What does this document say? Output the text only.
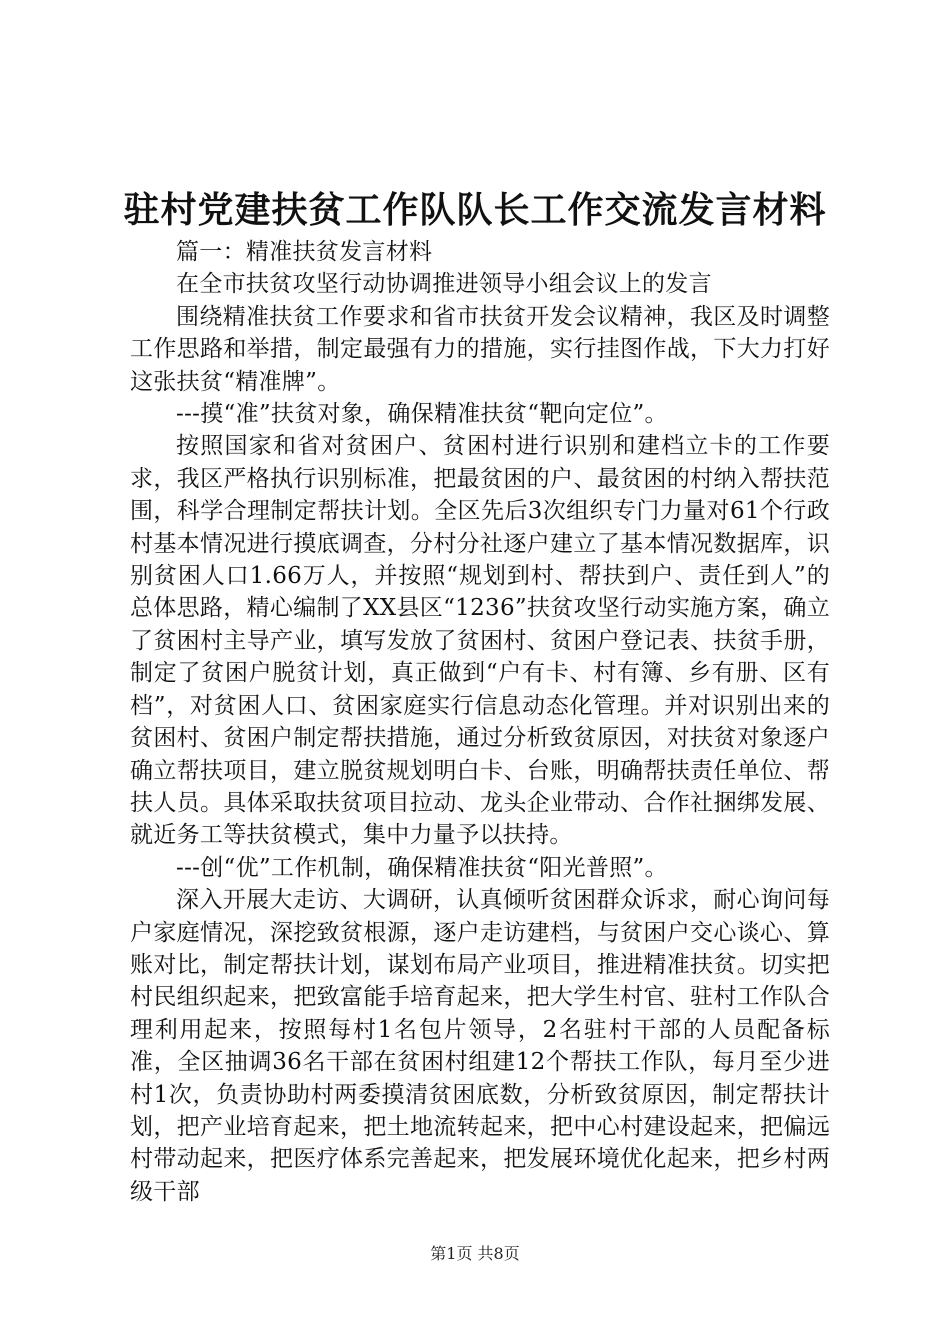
驻村党建扶贫工作队队长工作交流发言材料

篇一：精准扶贫发言材料

在全市扶贫攻坚行动协调推进领导小组会议上的发言

围绕精准扶贫工作要求和省市扶贫开发会议精神，我区及时调整工作思路和举措，制定最强有力的措施，实行挂图作战，下大力打好这张扶贫“精准牌”。

---摸“准”扶贫对象，确保精准扶贫“靶向定位”。

按照国家和省对贫困户、贫困村进行识别和建档立卡的工作要求，我区严格执行识别标准，把最贫困的户、最贫困的村纳入帮扶范围，科学合理制定帮扶计划。全区先后3次组织专门力量对61个行政村基本情况进行摸底调查，分村分社逐户建立了基本情况数据库，识别贫困人口1.66万人，并按照“规划到村、帮扶到户、责任到人”的总体思路，精心编制了XX县区“1236”扶贫攻坚行动实施方案，确立了贫困村主导产业，填写发放了贫困村、贫困户登记表、扶贫手册，制定了贫困户脱贫计划，真正做到“户有卡、村有簿、乡有册、区有档”，对贫困人口、贫困家庭实行信息动态化管理。并对识别出来的贫困村、贫困户制定帮扶措施，通过分析致贫原因，对扶贫对象逐户确立帮扶项目，建立脱贫规划明白卡、台账，明确帮扶责任单位、帮扶人员。具体采取扶贫项目拉动、龙头企业带动、合作社捆绑发展、就近务工等扶贫模式，集中力量予以扶持。

---创“优”工作机制，确保精准扶贫“阳光普照”。

深入开展大走访、大调研，认真倾听贫困群众诉求，耐心询问每户家庭情况，深挖致贫根源，逐户走访建档，与贫困户交心谈心、算账对比，制定帮扶计划，谋划布局产业项目，推进精准扶贫。切实把村民组织起来，把致富能手培育起来，把大学生村官、驻村工作队合理利用起来，按照每村1名包片领导，2名驻村干部的人员配备标准，全区抽调36名干部在贫困村组建12个帮扶工作队，每月至少进村1次，负责协助村两委摸清贫困底数，分析致贫原因，制定帮扶计划，把产业培育起来，把土地流转起来，把中心村建设起来，把偏远村带动起来，把医疗体系完善起来，把发展环境优化起来，把乡村两级干部

第1页 共8页
